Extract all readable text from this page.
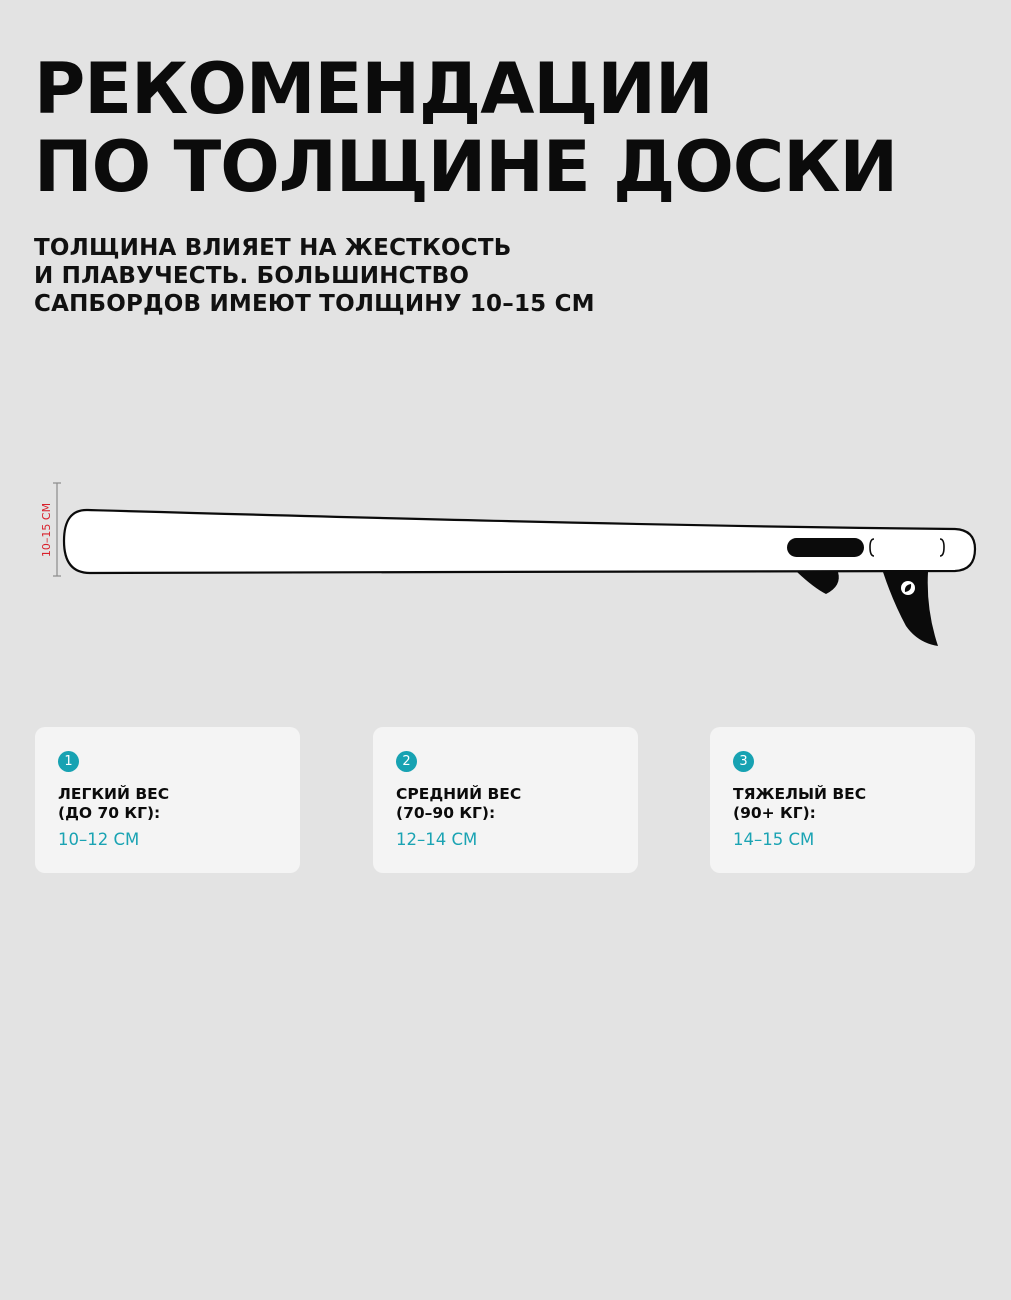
РЕКОМЕНДАЦИИ
ПО ТОЛЩИНЕ ДОСКИ

ТОЛЩИНА ВЛИЯЕТ НА ЖЕСТКОСТЬ
И ПЛАВУЧЕСТЬ. БОЛЬШИНСТВО
САПБОРДОВ ИМЕЮТ ТОЛЩИНУ 10–15 СМ

10–15 СМ
1

ЛЕГКИЙ ВЕС
(ДО 70 КГ):

10–12 СМ
2

СРЕДНИЙ ВЕС
(70–90 КГ):

12–14 СМ
3

ТЯЖЕЛЫЙ ВЕС
(90+ КГ):

14–15 СМ
